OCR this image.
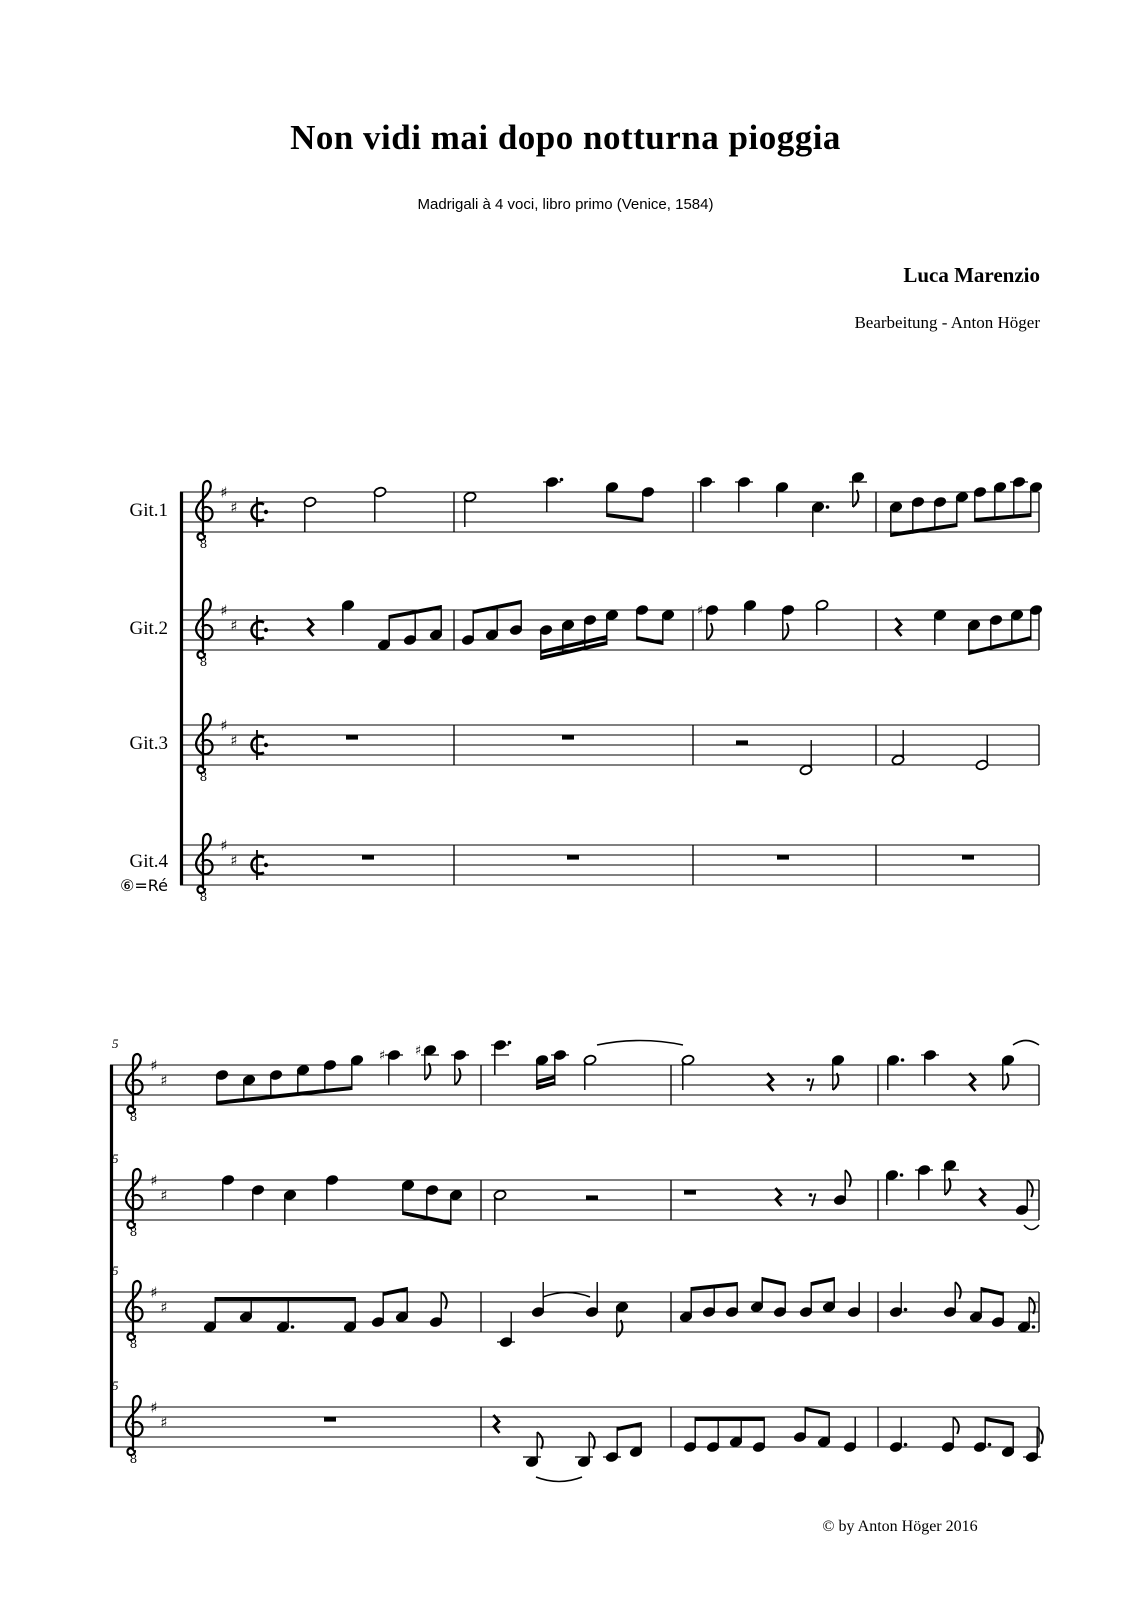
Non vidi mai dopo notturna pioggia
Madrigali à 4 voci, libro primo (Venice, 1584)
Luca Marenzio
Bearbeitung - Anton Höger
Git.1
Git.2
Git.3
Git.4
⑥=Ré
5
5
5
5
8
♯
♯
8
♯
♯
♯
8
♯
♯
8
♯
♯
8
♯
♯
♯ ♯
8
♯
♯
8
♯
♯
8
♯
♯
© by Anton Höger 2016
